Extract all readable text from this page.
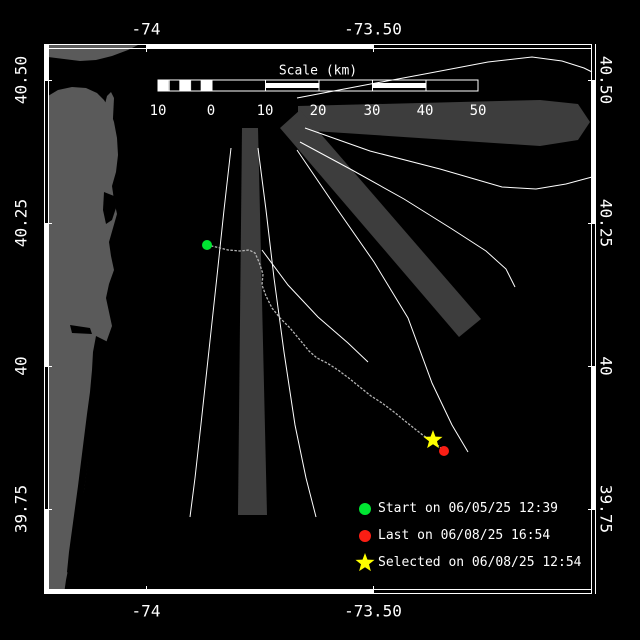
-74	-73.50
-74	-73.50
40.50
40.25
40
39.75
40.50
40.25
40
39.75
Scale (km)
10	0	10	20	30	40	50
Start on 06/05/25 12:39
Last on 06/08/25 16:54
Selected on 06/08/25 12:54
